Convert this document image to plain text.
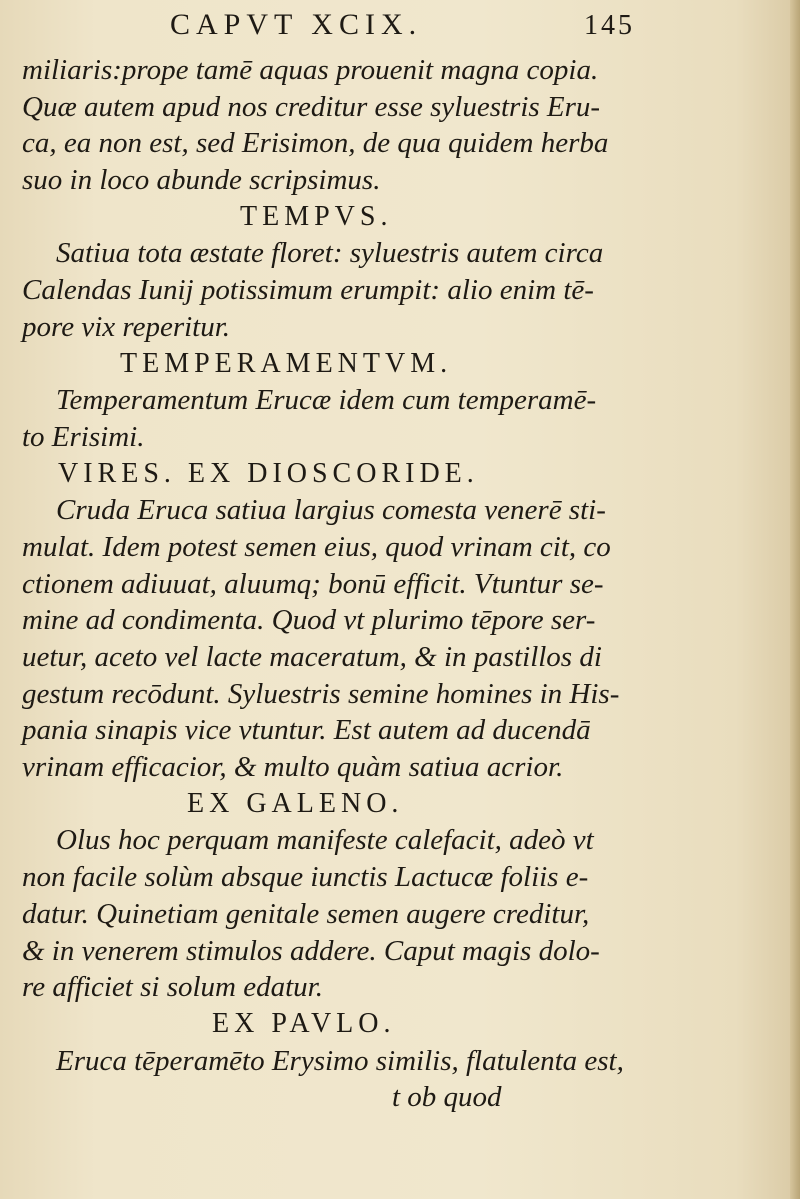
CAPVT XCIX.	145
miliaris:prope tamē aquas prouenit magna copia.
Quæ autem apud nos creditur esse syluestris Eru-
ca, ea non est, sed Erisimon, de qua quidem herba
suo in loco abunde scripsimus.
TEMPVS.
Satiua tota æstate floret: syluestris autem circa
Calendas Iunij potissimum erumpit: alio enim tē-
pore vix reperitur.
TEMPERAMENTVM.
Temperamentum Erucæ idem cum temperamē-
to Erisimi.
VIRES. EX DIOSCORIDE.
Cruda Eruca satiua largius comesta venerē sti-
mulat. Idem potest semen eius, quod vrinam cit, co
ctionem adiuuat, aluumq; bonū efficit. Vtuntur se-
mine ad condimenta. Quod vt plurimo tēpore ser-
uetur, aceto vel lacte maceratum, & in pastillos di
gestum recōdunt. Syluestris semine homines in His-
pania sinapis vice vtuntur. Est autem ad ducendā
vrinam efficacior, & multo quàm satiua acrior.
EX GALENO.
Olus hoc perquam manifeste calefacit, adeò vt
non facile solùm absque iunctis Lactucæ foliis e-
datur. Quinetiam genitale semen augere creditur,
& in venerem stimulos addere. Caput magis dolo-
re afficiet si solum edatur.
EX PAVLO.
Eruca tēperamēto Erysimo similis, flatulenta est,
t ob quod
